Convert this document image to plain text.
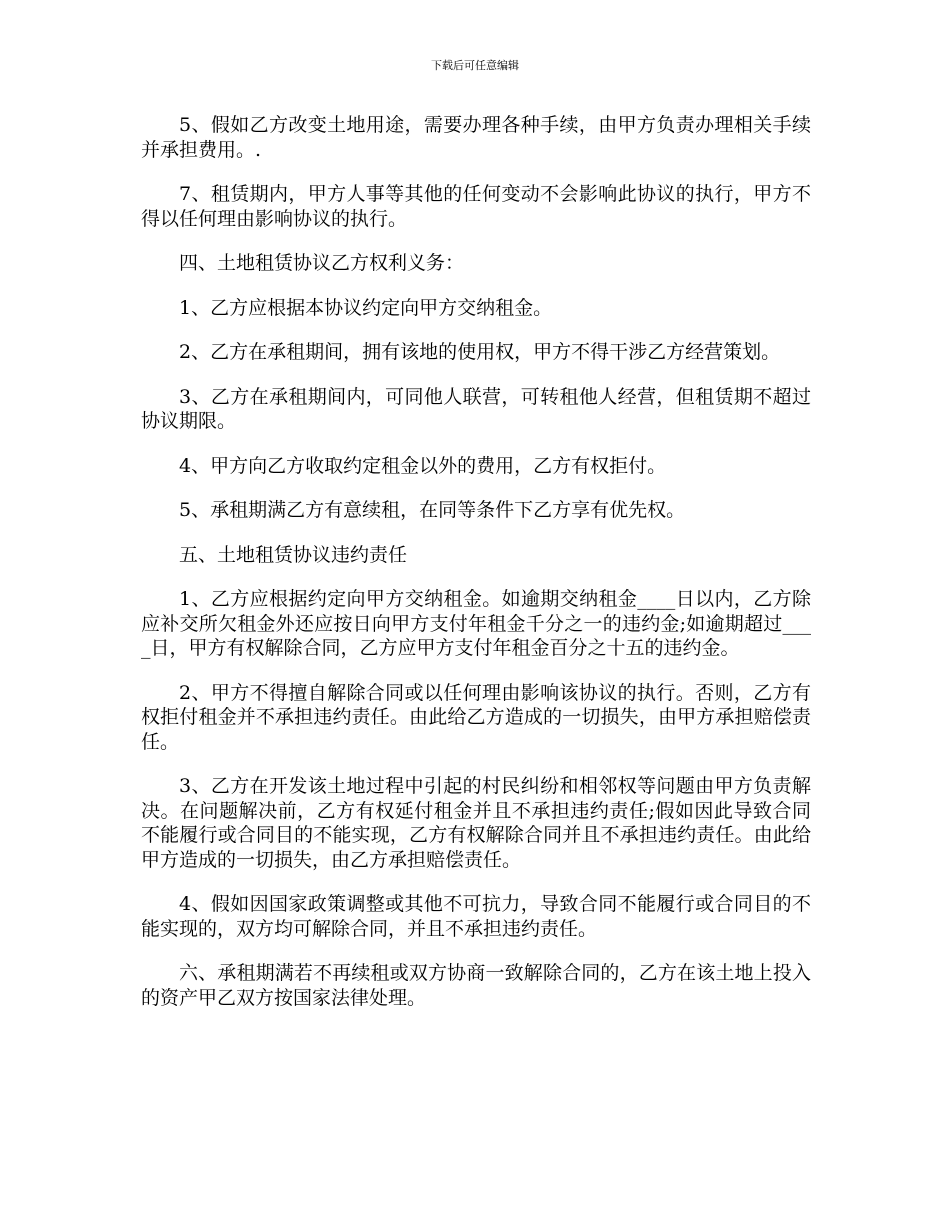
下载后可任意编辑

5、假如乙方改变土地用途，需要办理各种手续，由甲方负责办理相关手续并承担费用。.

7、租赁期内，甲方人事等其他的任何变动不会影响此协议的执行，甲方不得以任何理由影响协议的执行。

四、土地租赁协议乙方权利义务：

1、乙方应根据本协议约定向甲方交纳租金。

2、乙方在承租期间，拥有该地的使用权，甲方不得干涉乙方经营策划。

3、乙方在承租期间内，可同他人联营，可转租他人经营，但租赁期不超过协议期限。

4、甲方向乙方收取约定租金以外的费用，乙方有权拒付。

5、承租期满乙方有意续租，在同等条件下乙方享有优先权。

五、土地租赁协议违约责任

1、乙方应根据约定向甲方交纳租金。如逾期交纳租金____日以内，乙方除应补交所欠租金外还应按日向甲方支付年租金千分之一的违约金;如逾期超过____日，甲方有权解除合同，乙方应甲方支付年租金百分之十五的违约金。

2、甲方不得擅自解除合同或以任何理由影响该协议的执行。否则，乙方有权拒付租金并不承担违约责任。由此给乙方造成的一切损失，由甲方承担赔偿责任。

3、乙方在开发该土地过程中引起的村民纠纷和相邻权等问题由甲方负责解决。在问题解决前，乙方有权延付租金并且不承担违约责任;假如因此导致合同不能履行或合同目的不能实现，乙方有权解除合同并且不承担违约责任。由此给甲方造成的一切损失，由乙方承担赔偿责任。

4、假如因国家政策调整或其他不可抗力，导致合同不能履行或合同目的不能实现的，双方均可解除合同，并且不承担违约责任。

六、承租期满若不再续租或双方协商一致解除合同的，乙方在该土地上投入的资产甲乙双方按国家法律处理。
